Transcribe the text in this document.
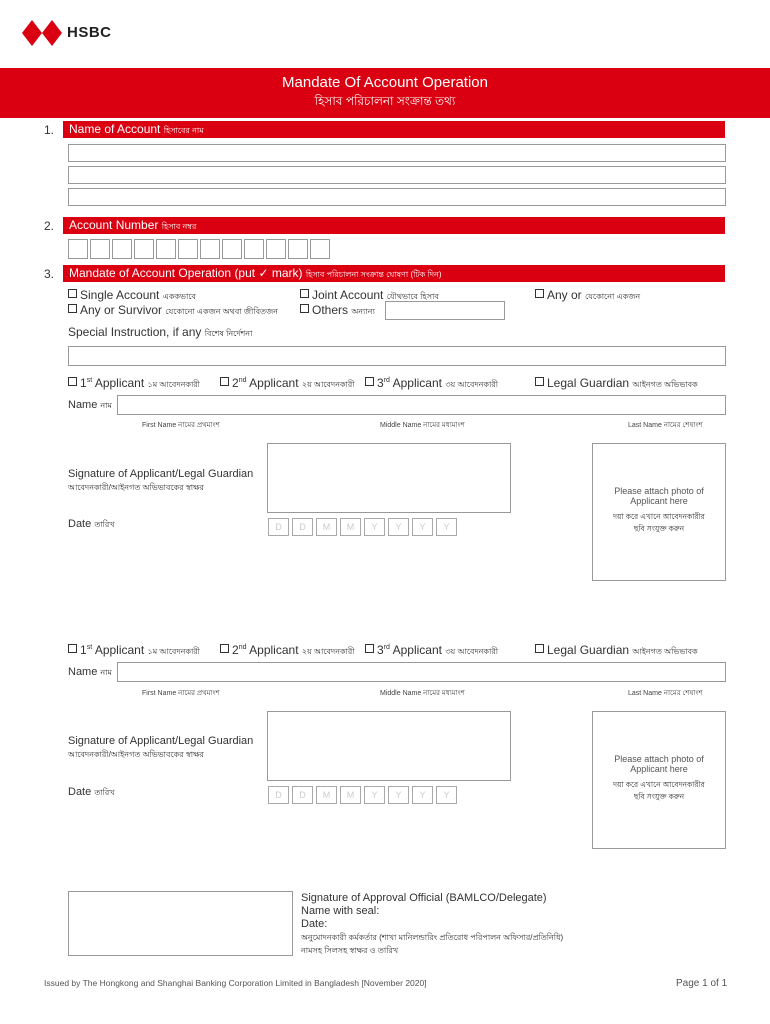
HSBC
Mandate Of Account Operation
হিসাব পরিচালনা সংক্রান্ত তথ্য
1.	Name of Account হিসাবের নাম
2.	Account Number হিসাব নম্বর
3.	Mandate of Account Operation (put ✓ mark) হিসাব পরিচালনা সংক্রান্ত ঘোষণা (টিক দিন)
Single Account এককভাবে	Joint Account যৌথভাবে হিসাব	Any or যেকোনো একজন
Any or Survivor যেকোনো একজন অথবা জীবিতজন	Others অন্যান্য
Special Instruction, if any বিশেষ নির্দেশনা
1st Applicant ১ম আবেদনকারী	2nd Applicant ২য় আবেদনকারী	3rd Applicant ৩য় আবেদনকারী	Legal Guardian আইনগত অভিভাবক
Name নাম
First Name নামের প্রথমাংশ	Middle Name নামের মধ্যমাংশ	Last Name নামের শেষাংশ
Signature of Applicant/Legal Guardian
আবেদনকারী/আইনগত অভিভাবকের স্বাক্ষর
Date তারিখ	D D M M Y Y Y Y
Please attach photo of
Applicant here
দয়া করে এখানে আবেদনকারীর
ছবি সংযুক্ত করুন
1st Applicant ১ম আবেদনকারী	2nd Applicant ২য় আবেদনকারী	3rd Applicant ৩য় আবেদনকারী	Legal Guardian আইনগত অভিভাবক
Name নাম
First Name নামের প্রথমাংশ	Middle Name নামের মধ্যমাংশ	Last Name নামের শেষাংশ
Signature of Applicant/Legal Guardian
আবেদনকারী/আইনগত অভিভাবকের স্বাক্ষর
Date তারিখ	D D M M Y Y Y Y
Please attach photo of
Applicant here
দয়া করে এখানে আবেদনকারীর
ছবি সংযুক্ত করুন
Signature of Approval Official (BAMLCO/Delegate)
Name with seal:
Date:
অনুমোদনকারী কর্মকর্তার (শাখা মানিলন্ডারিং প্রতিরোধ পরিপালন অফিসার/প্রতিনিধি)
নামসহ সিলসহ স্বাক্ষর ও তারিখ
Issued by The Hongkong and Shanghai Banking Corporation Limited in Bangladesh [November 2020]	Page 1 of 1
